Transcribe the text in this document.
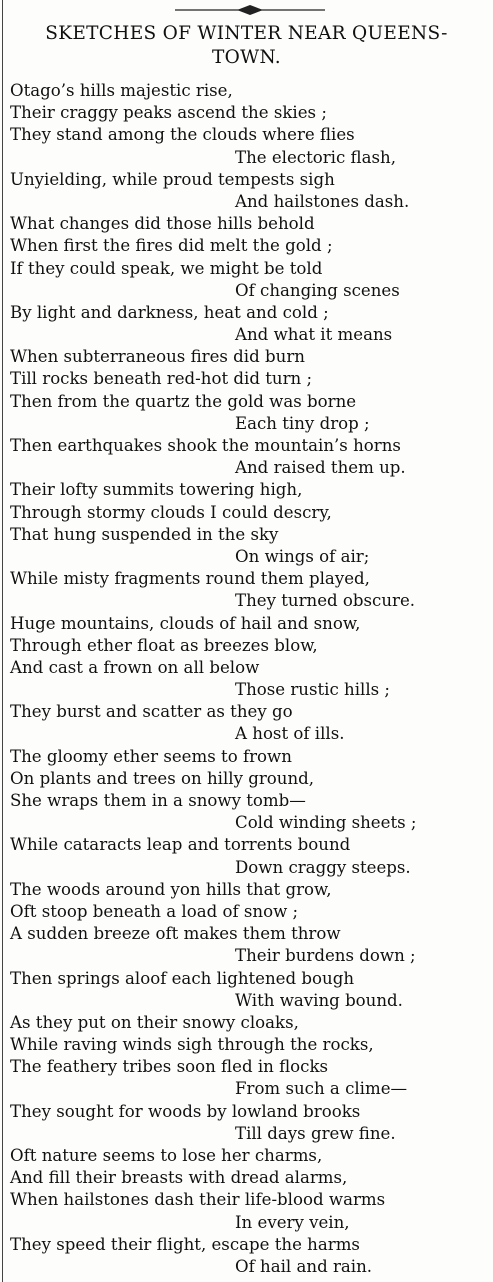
SKETCHES OF WINTER NEAR QUEENS-
TOWN.
Otago’s hills majestic rise,
Their craggy peaks ascend the skies ;
They stand among the clouds where flies
The electoric flash,
Unyielding, while proud tempests sigh
And hailstones dash.
What changes did those hills behold
When first the fires did melt the gold ;
If they could speak, we might be told
Of changing scenes
By light and darkness, heat and cold ;
And what it means
When subterraneous fires did burn
Till rocks beneath red-hot did turn ;
Then from the quartz the gold was borne
Each tiny drop ;
Then earthquakes shook the mountain’s horns
And raised them up.
Their lofty summits towering high,
Through stormy clouds I could descry,
That hung suspended in the sky
On wings of air;
While misty fragments round them played,
They turned obscure.
Huge mountains, clouds of hail and snow,
Through ether float as breezes blow,
And cast a frown on all below
Those rustic hills ;
They burst and scatter as they go
A host of ills.
The gloomy ether seems to frown
On plants and trees on hilly ground,
She wraps them in a snowy tomb—
Cold winding sheets ;
While cataracts leap and torrents bound
Down craggy steeps.
The woods around yon hills that grow,
Oft stoop beneath a load of snow ;
A sudden breeze oft makes them throw
Their burdens down ;
Then springs aloof each lightened bough
With waving bound.
As they put on their snowy cloaks,
While raving winds sigh through the rocks,
The feathery tribes soon fled in flocks
From such a clime—
They sought for woods by lowland brooks
Till days grew fine.
Oft nature seems to lose her charms,
And fill their breasts with dread alarms,
When hailstones dash their life-blood warms
In every vein,
They speed their flight, escape the harms
Of hail and rain.
